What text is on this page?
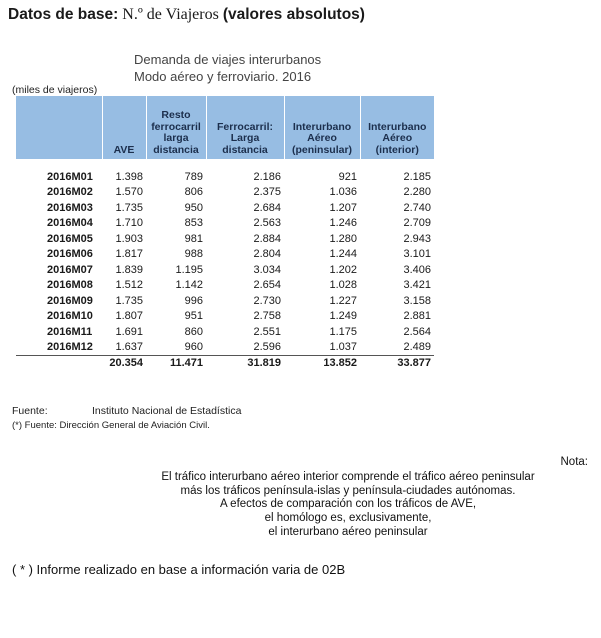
Datos de base: N.º de Viajeros (valores absolutos)
Demanda de viajes interurbanos
Modo aéreo y ferroviario. 2016
(miles de viajeros)
	AVE	Resto ferrocarril larga distancia	Ferrocarril: Larga distancia	Interurbano Aéreo (peninsular)	Interurbano Aéreo (interior)

2016M01	1.398	789	2.186	921	2.185
2016M02	1.570	806	2.375	1.036	2.280
2016M03	1.735	950	2.684	1.207	2.740
2016M04	1.710	853	2.563	1.246	2.709
2016M05	1.903	981	2.884	1.280	2.943
2016M06	1.817	988	2.804	1.244	3.101
2016M07	1.839	1.195	3.034	1.202	3.406
2016M08	1.512	1.142	2.654	1.028	3.421
2016M09	1.735	996	2.730	1.227	3.158
2016M10	1.807	951	2.758	1.249	2.881
2016M11	1.691	860	2.551	1.175	2.564
2016M12	1.637	960	2.596	1.037	2.489
	20.354	11.471	31.819	13.852	33.877
Fuente:	Instituto Nacional de Estadística
(*) Fuente: Dirección General de Aviación Civil.
Nota:
El tráfico interurbano aéreo interior comprende el tráfico aéreo peninsular
más los tráficos península-islas y península-ciudades autónomas.
A efectos de comparación con los tráficos de AVE,
el homólogo es, exclusivamente,
el interurbano aéreo peninsular
( * ) Informe realizado en base a información varia de 02B
